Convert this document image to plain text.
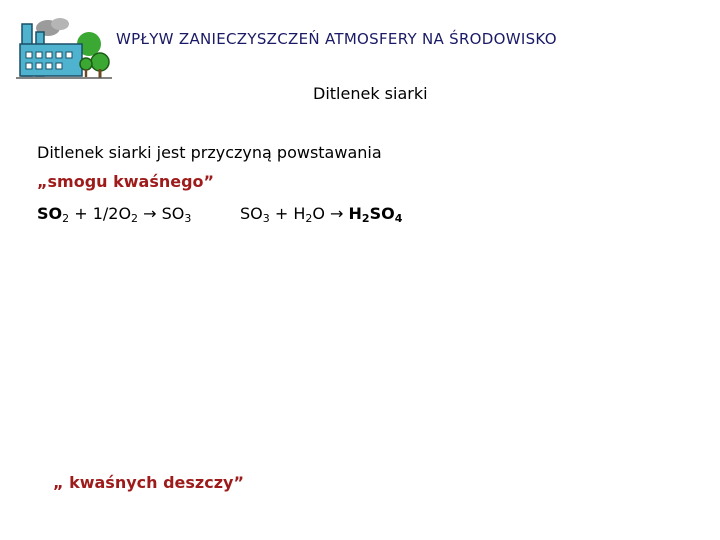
WPŁYW ZANIECZYSZCZEŃ ATMOSFERY NA ŚRODOWISKO
Ditlenek siarki
Ditlenek siarki jest przyczyną powstawania
„smogu kwaśnego”
$SO_2 + 1/2O_2 \to SO_3$	$SO_3 + H_2O \to H_2SO_4$
„ kwaśnych deszczy”
